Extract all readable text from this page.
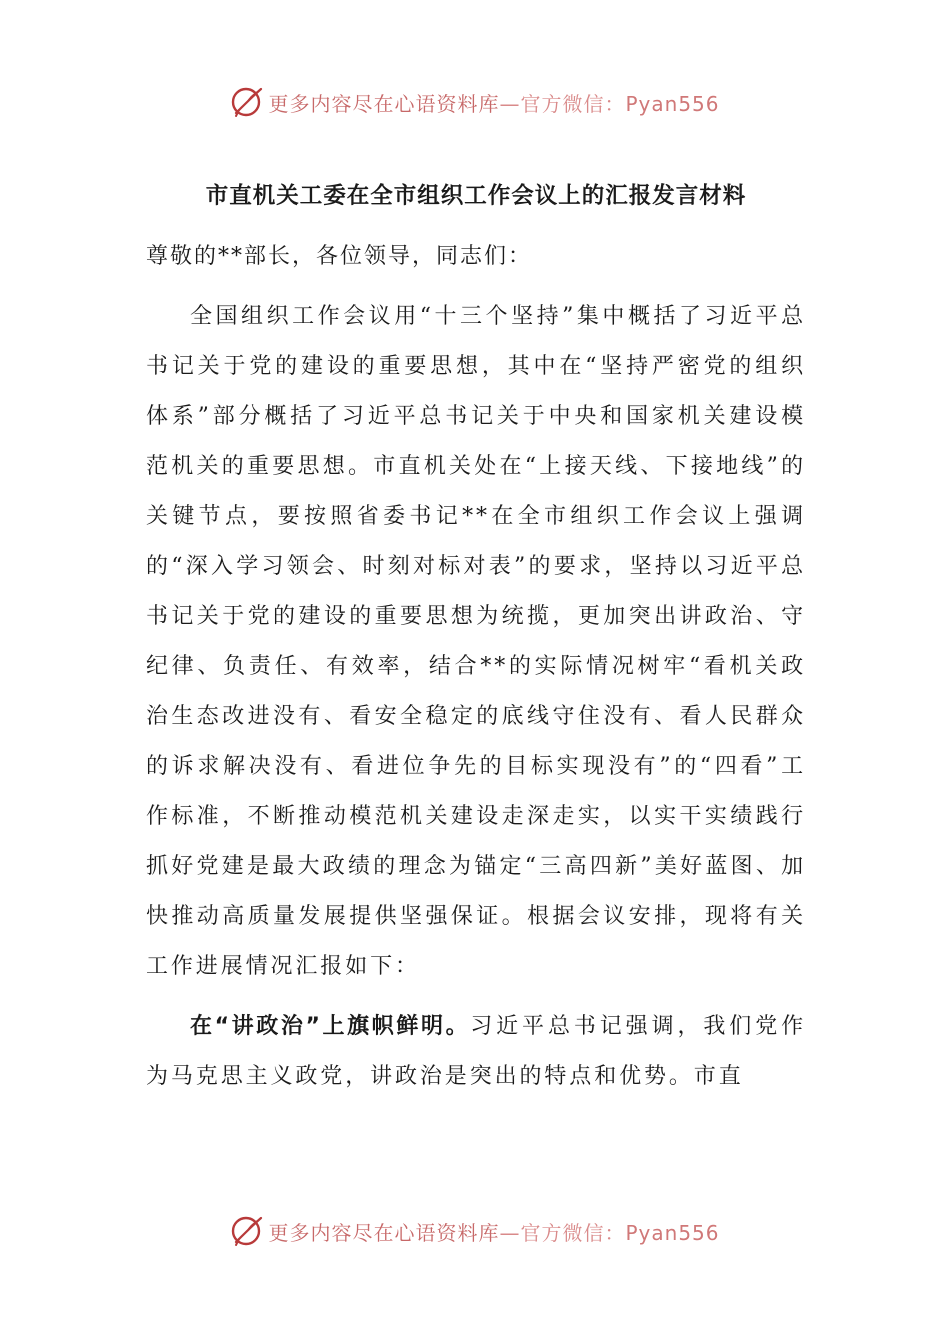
更多内容尽在心语资料库—官方微信：Pyan556
市直机关工委在全市组织工作会议上的汇报发言材料

尊敬的**部长，各位领导，同志们：

全国组织工作会议用“十三个坚持”集中概括了习近平总书记关于党的建设的重要思想，其中在“坚持严密党的组织体系”部分概括了习近平总书记关于中央和国家机关建设模范机关的重要思想。市直机关处在“上接天线、下接地线”的关键节点，要按照省委书记**在全市组织工作会议上强调的“深入学习领会、时刻对标对表”的要求，坚持以习近平总书记关于党的建设的重要思想为统揽，更加突出讲政治、守纪律、负责任、有效率，结合**的实际情况树牢“看机关政治生态改进没有、看安全稳定的底线守住没有、看人民群众的诉求解决没有、看进位争先的目标实现没有”的“四看”工作标准，不断推动模范机关建设走深走实，以实干实绩践行抓好党建是最大政绩的理念为锚定“三高四新”美好蓝图、加快推动高质量发展提供坚强保证。根据会议安排，现将有关工作进展情况汇报如下：

在“讲政治”上旗帜鲜明。习近平总书记强调，我们党作为马克思主义政党，讲政治是突出的特点和优势。市直

更多内容尽在心语资料库—官方微信：Pyan556
